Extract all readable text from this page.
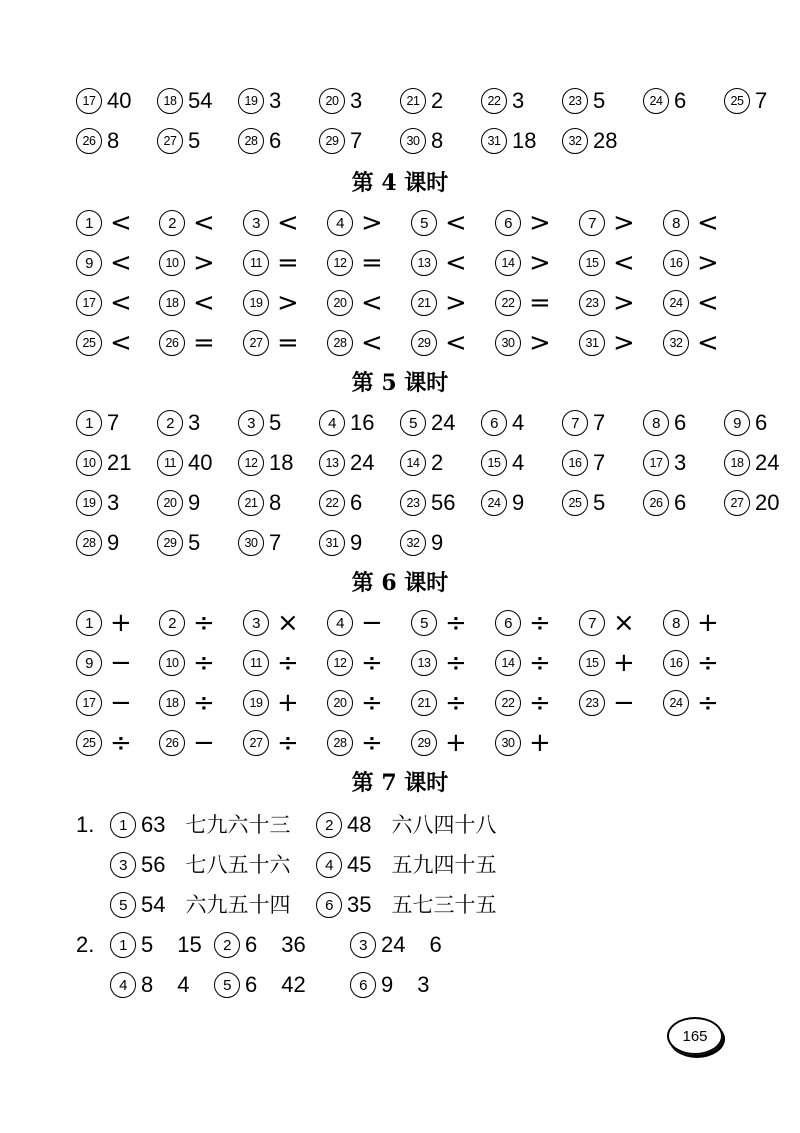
17 40	18 54	19 3	20 3	21 2	22 3	23 5	24 6	25 7
26 8	27 5	28 6	29 7	30 8	31 18	32 28
第 4 课时
1 <	2 <	3 <	4 >	5 <	6 >	7 >	8 <
9 <	10 >	11 =	12 =	13 <	14 >	15 <	16 >
17 <	18 <	19 >	20 <	21 >	22 =	23 >	24 <
25 <	26 =	27 =	28 <	29 <	30 >	31 >	32 <
第 5 课时
1 7	2 3	3 5	4 16	5 24	6 4	7 7	8 6	9 6
10 21	11 40	12 18	13 24	14 2	15 4	16 7	17 3	18 24
19 3	20 9	21 8	22 6	23 56	24 9	25 5	26 6	27 20
28 9	29 5	30 7	31 9	32 9
第 6 课时
1 +	2 ÷	3 ×	4 −	5 ÷	6 ÷	7 ×	8 +
9 −	10 ÷	11 ÷	12 ÷	13 ÷	14 ÷	15 +	16 ÷
17 −	18 ÷	19 +	20 ÷	21 ÷	22 ÷	23 −	24 ÷
25 ÷	26 −	27 ÷	28 ÷	29 +	30 +
第 7 课时
1 63 七九六十三	2 48 六八四十八
3 56 七八五十六	4 45 五九四十五
5 54 六九五十四	6 35 五七三十五
1.
1 5 15	2 6 36	3 24 6
4 8 4	5 6 42	6 9 3
2.
165
